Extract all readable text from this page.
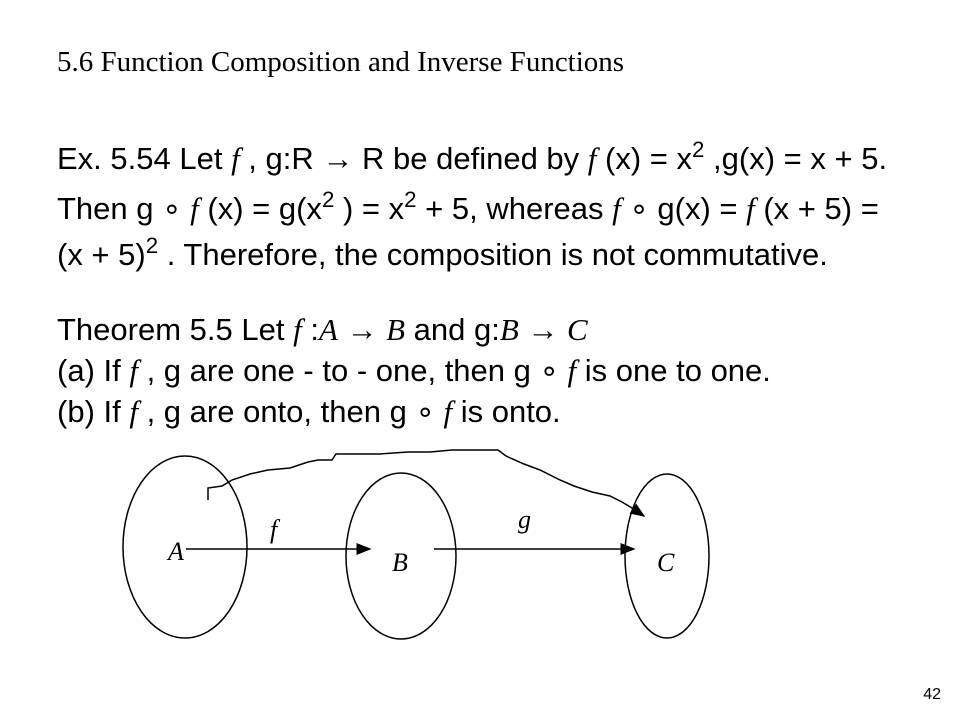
5.6 Function Composition and Inverse Functions
Ex. 5.54 Let f , g:R → R be defined by f $(x) = x^2$ ,g(x) = x + 5.
Then g ∘ f $(x) = g(x^2$ ) = $x^2 + 5$, whereas f ∘ g(x) = f (x + 5) =
$(x + 5)^2$ . Therefore, the composition is not commutative.
Theorem 5.5 Let f :A → B and g:B → C
(a) If f , g are one - to - one, then g ∘ f is one to one.
(b) If f , g are onto, then g ∘ f is onto.
A	B	C
f	g
42
